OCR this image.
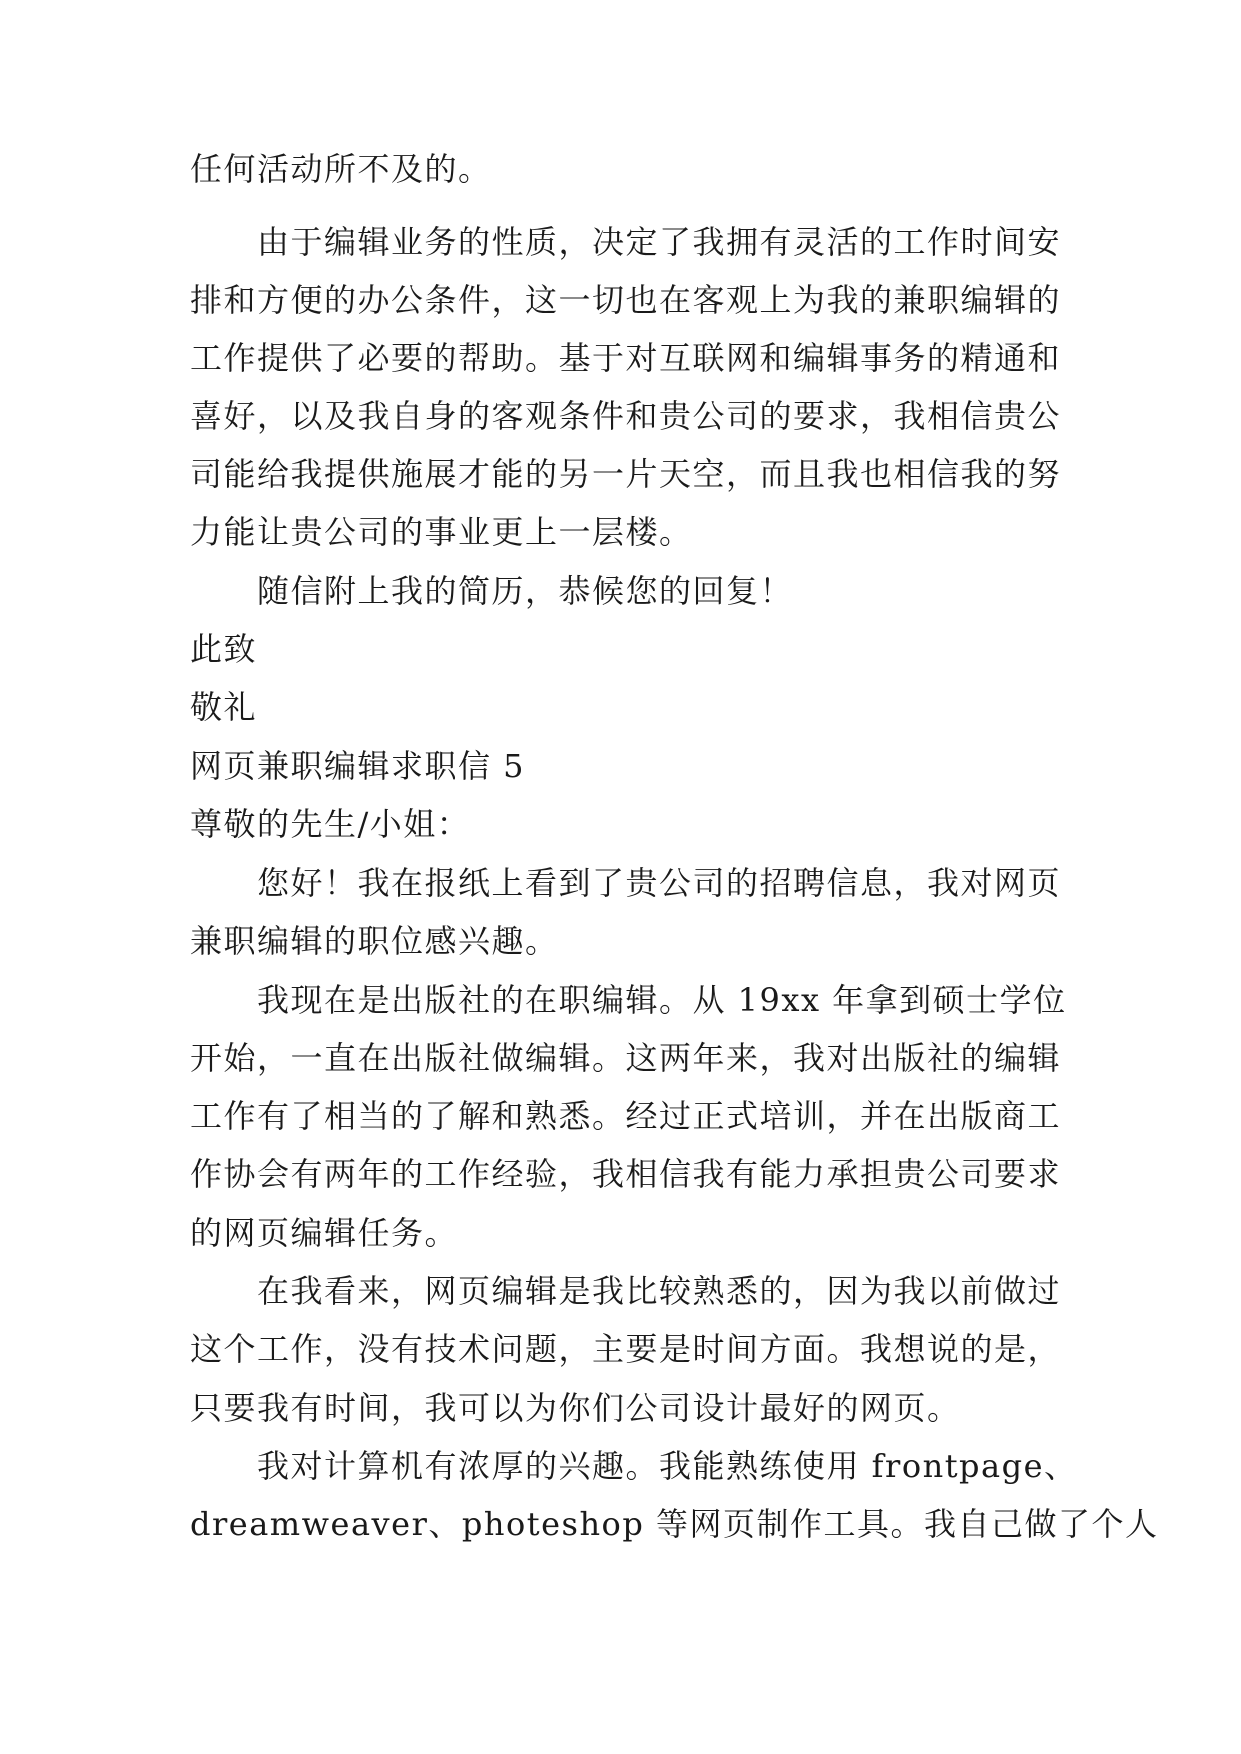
任何活动所不及的。
由于编辑业务的性质，决定了我拥有灵活的工作时间安
排和方便的办公条件，这一切也在客观上为我的兼职编辑的
工作提供了必要的帮助。基于对互联网和编辑事务的精通和
喜好，以及我自身的客观条件和贵公司的要求，我相信贵公
司能给我提供施展才能的另一片天空，而且我也相信我的努
力能让贵公司的事业更上一层楼。
随信附上我的简历，恭候您的回复！
此致
敬礼
网页兼职编辑求职信 5
尊敬的先生/小姐：
您好！我在报纸上看到了贵公司的招聘信息，我对网页
兼职编辑的职位感兴趣。
我现在是出版社的在职编辑。从 19xx 年拿到硕士学位
开始，一直在出版社做编辑。这两年来，我对出版社的编辑
工作有了相当的了解和熟悉。经过正式培训，并在出版商工
作协会有两年的工作经验，我相信我有能力承担贵公司要求
的网页编辑任务。
在我看来，网页编辑是我比较熟悉的，因为我以前做过
这个工作，没有技术问题，主要是时间方面。我想说的是，
只要我有时间，我可以为你们公司设计最好的网页。
我对计算机有浓厚的兴趣。我能熟练使用 frontpage、
dreamweaver、photeshop 等网页制作工具。我自己做了个人
